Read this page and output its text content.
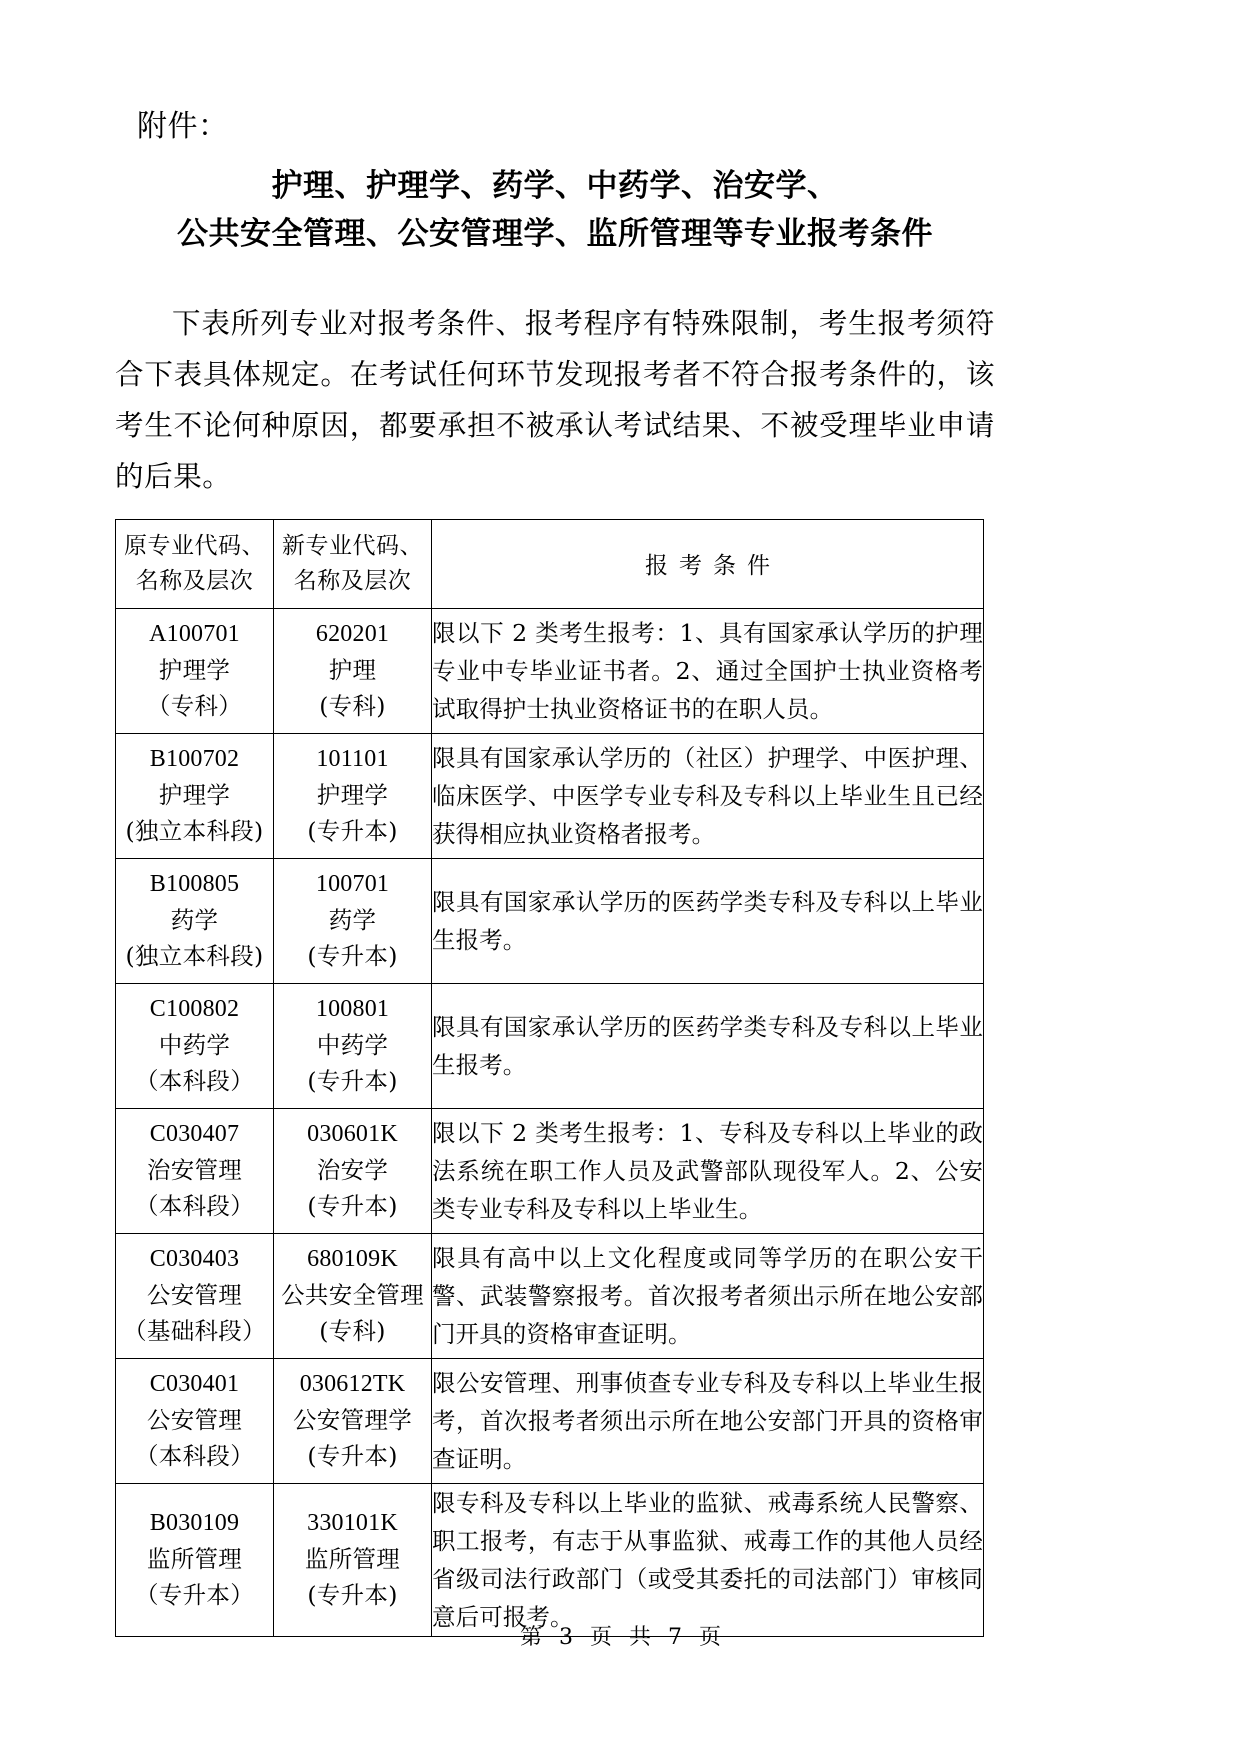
附件：
护理、护理学、药学、中药学、治安学、
公共安全管理、公安管理学、监所管理等专业报考条件

下表所列专业对报考条件、报考程序有特殊限制，考生报考须符合下表具体规定。在考试任何环节发现报考者不符合报考条件的，该考生不论何种原因，都要承担不被承认考试结果、不被受理毕业申请的后果。

原专业代码、
名称及层次	新专业代码、
名称及层次	报考条件

A100701
护理学
（专科）	620201
护理
(专科)	限以下 2 类考生报考：1、具有国家承认学历的护理专业中专毕业证书者。2、通过全国护士执业资格考试取得护士执业资格证书的在职人员。

B100702
护理学
(独立本科段)	101101
护理学
(专升本)	限具有国家承认学历的（社区）护理学、中医护理、临床医学、中医学专业专科及专科以上毕业生且已经获得相应执业资格者报考。

B100805
药学
(独立本科段)	100701
药学
(专升本)	限具有国家承认学历的医药学类专科及专科以上毕业生报考。

C100802
中药学
（本科段）	100801
中药学
(专升本)	限具有国家承认学历的医药学类专科及专科以上毕业生报考。

C030407
治安管理
（本科段）	030601K
治安学
(专升本)	限以下 2 类考生报考：1、专科及专科以上毕业的政法系统在职工作人员及武警部队现役军人。2、公安类专业专科及专科以上毕业生。

C030403
公安管理
（基础科段）	680109K
公共安全管理
(专科)	限具有高中以上文化程度或同等学历的在职公安干警、武装警察报考。首次报考者须出示所在地公安部门开具的资格审查证明。

C030401
公安管理
（本科段）	030612TK
公安管理学
(专升本)	限公安管理、刑事侦查专业专科及专科以上毕业生报考，首次报考者须出示所在地公安部门开具的资格审查证明。

B030109
监所管理
（专升本）	330101K
监所管理
(专升本)	限专科及专科以上毕业的监狱、戒毒系统人民警察、职工报考，有志于从事监狱、戒毒工作的其他人员经省级司法行政部门（或受其委托的司法部门）审核同意后可报考。
第 3 页 共 7 页
